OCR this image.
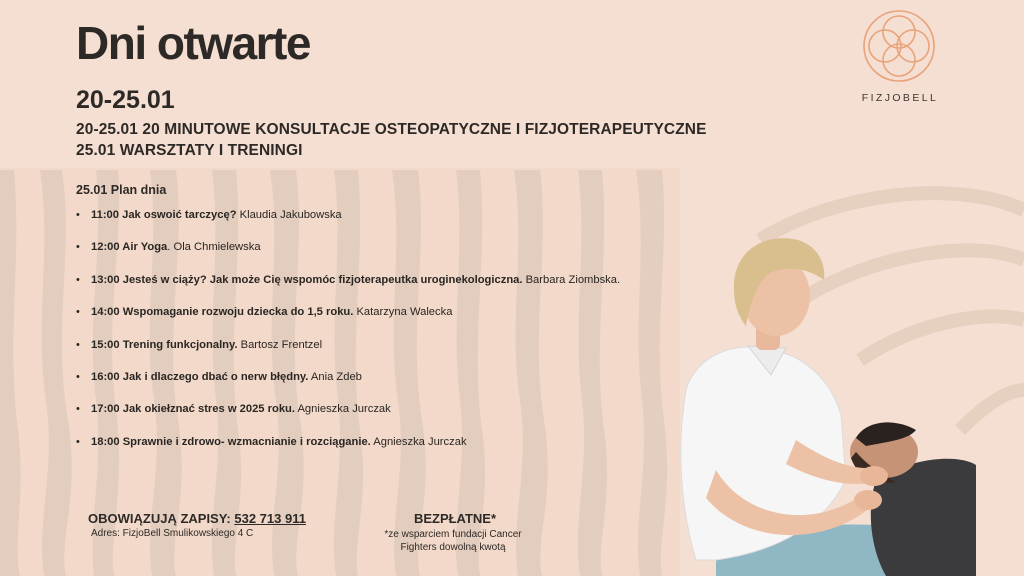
Dni otwarte
20-25.01
20-25.01 20 MINUTOWE KONSULTACJE OSTEOPATYCZNE I FIZJOTERAPEUTYCZNE
25.01 WARSZTATY I TRENINGI
25.01 Plan dnia
•
11:00 Jak oswoić tarczycę? Klaudia Jakubowska
•
12:00 Air Yoga. Ola Chmielewska
•
13:00 Jesteś w ciąży? Jak może Cię wspomóc fizjoterapeutka uroginekologiczna. Barbara Ziombska.
•
14:00 Wspomaganie rozwoju dziecka do 1,5 roku. Katarzyna Walecka
•
15:00 Trening funkcjonalny. Bartosz Frentzel
•
16:00 Jak i dlaczego dbać o nerw błędny. Ania Zdeb
•
17:00 Jak okiełznać stres w 2025 roku. Agnieszka Jurczak
•
18:00 Sprawnie i zdrowo- wzmacnianie i rozciąganie. Agnieszka Jurczak
FIZJOBELL
OBOWIĄZUJĄ ZAPISY: 532 713 911
Adres: FizjoBell Smulikowskiego 4 C
BEZPŁATNE*
*ze wsparciem fundacji Cancer
Fighters dowolną kwotą
